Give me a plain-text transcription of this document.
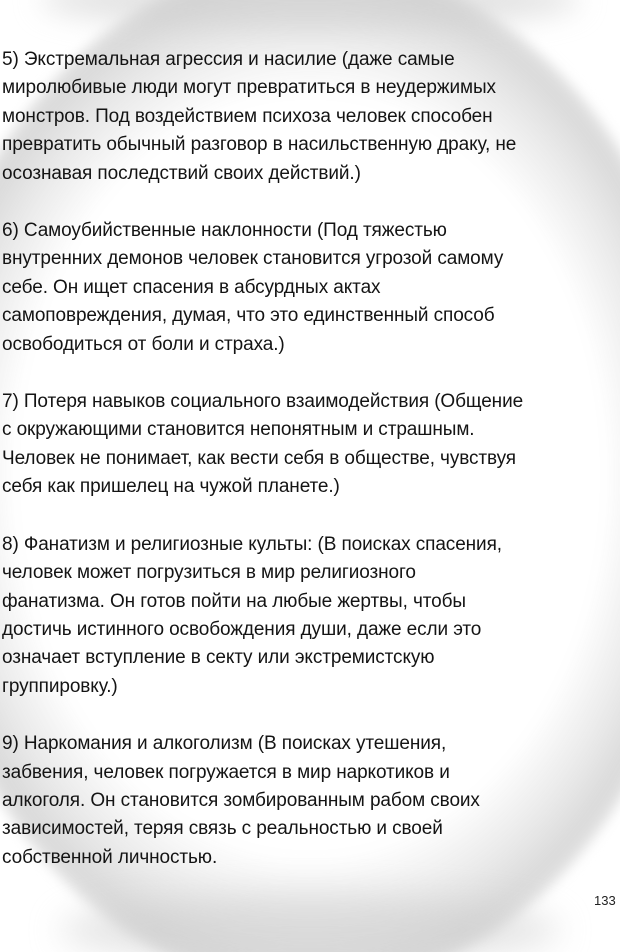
5) Экстремальная агрессия и насилие (даже самые
миролюбивые люди могут превратиться в неудержимых
монстров. Под воздействием психоза человек способен
превратить обычный разговор в насильственную драку, не
осознавая последствий своих действий.)

6) Самоубийственные наклонности (Под тяжестью
внутренних демонов человек становится угрозой самому
себе. Он ищет спасения в абсурдных актах
самоповреждения, думая, что это единственный способ
освободиться от боли и страха.)

7) Потеря навыков социального взаимодействия (Общение
с окружающими становится непонятным и страшным.
Человек не понимает, как вести себя в обществе, чувствуя
себя как пришелец на чужой планете.)

8) Фанатизм и религиозные культы: (В поисках спасения,
человек может погрузиться в мир религиозного
фанатизма. Он готов пойти на любые жертвы, чтобы
достичь истинного освобождения души, даже если это
означает вступление в секту или экстремистскую
группировку.)

9) Наркомания и алкоголизм (В поисках утешения,
забвения, человек погружается в мир наркотиков и
алкоголя. Он становится зомбированным рабом своих
зависимостей, теряя связь с реальностью и своей
собственной личностью.

133
